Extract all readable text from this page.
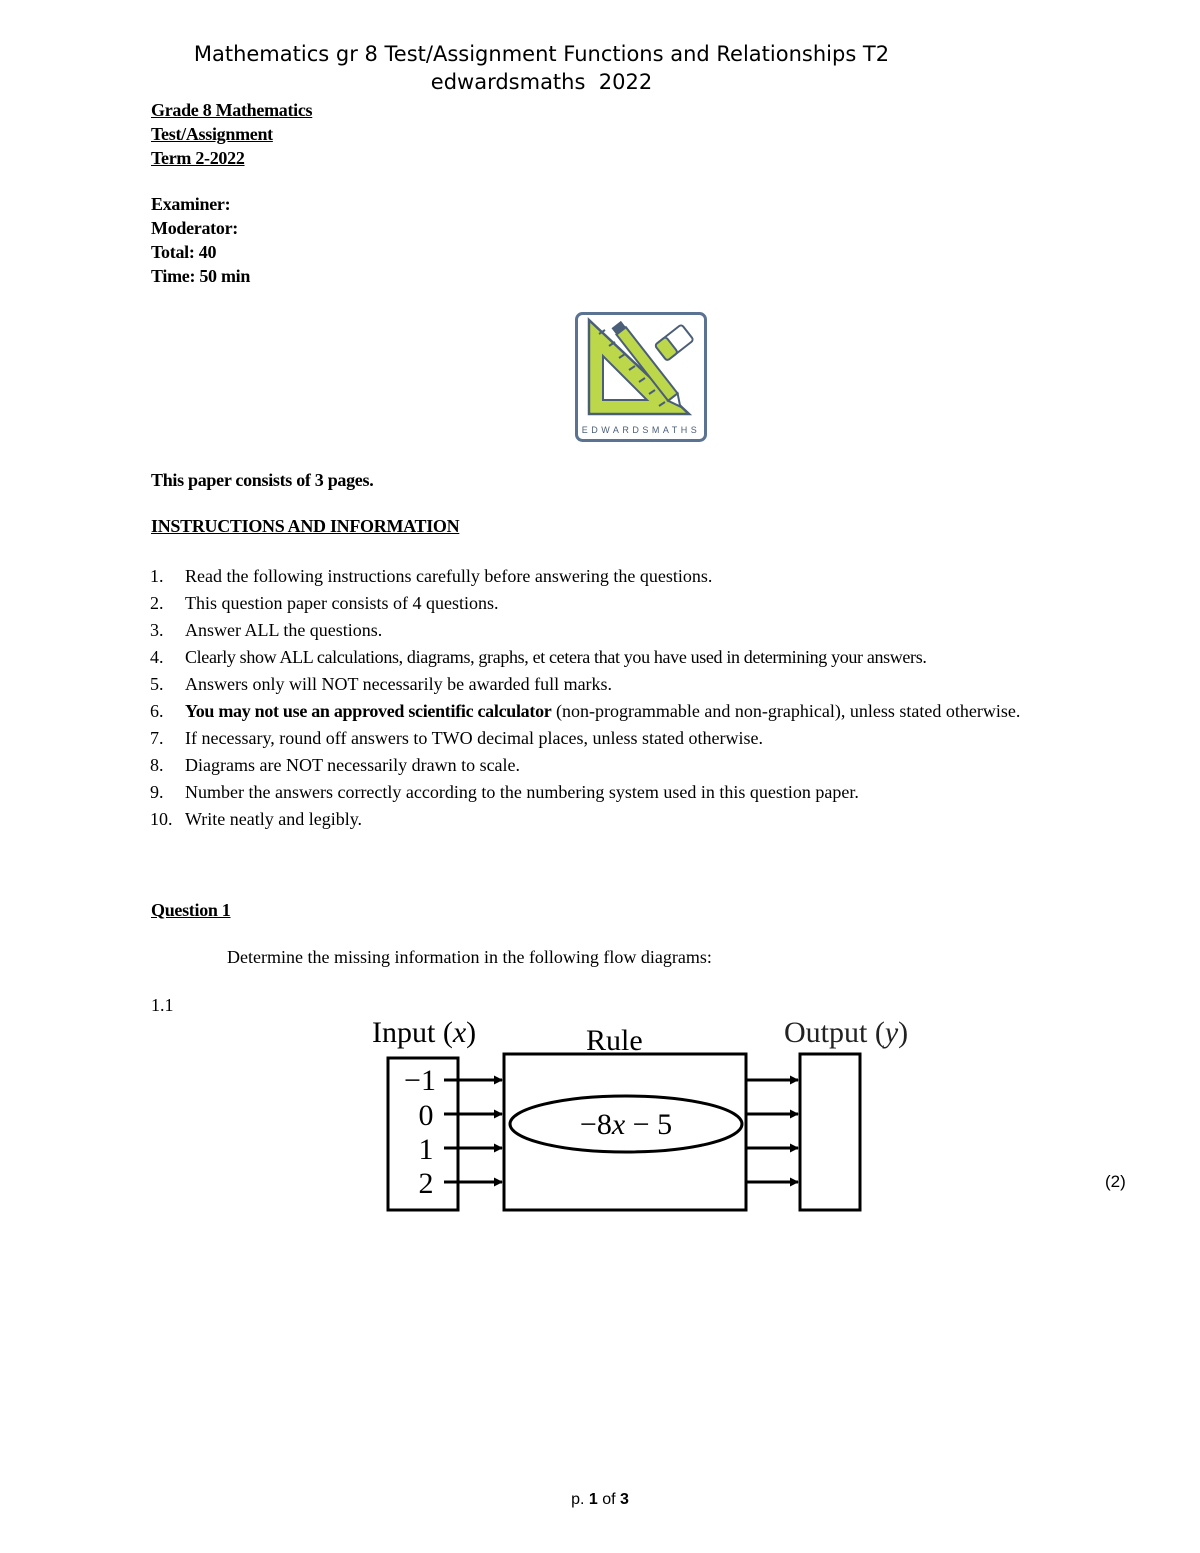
Mathematics gr 8 Test/Assignment Functions and Relationships T2
edwardsmaths  2022
Grade 8 Mathematics
Test/Assignment
Term 2-2022
Examiner:
Moderator:
Total: 40
Time: 50 min
EDWARDSMATHS
This paper consists of 3 pages.
INSTRUCTIONS AND INFORMATION
1.	Read the following instructions carefully before answering the questions.
2.	This question paper consists of 4 questions.
3.	Answer ALL the questions.
4.	Clearly show ALL calculations, diagrams, graphs, et cetera that you have used in determining your answers.
5.	Answers only will NOT necessarily be awarded full marks.
6.	You may not use an approved scientific calculator (non-programmable and non-graphical), unless stated otherwise.
7.	If necessary, round off answers to TWO decimal places, unless stated otherwise.
8.	Diagrams are NOT necessarily drawn to scale.
9.	Number the answers correctly according to the numbering system used in this question paper.
10. Write neatly and legibly.
Question 1
Determine the missing information in the following flow diagrams:
1.1
Input (x)	Rule	Output (y)
−8x − 5
−1
0
1
2	(2)
p. 1 of 3
